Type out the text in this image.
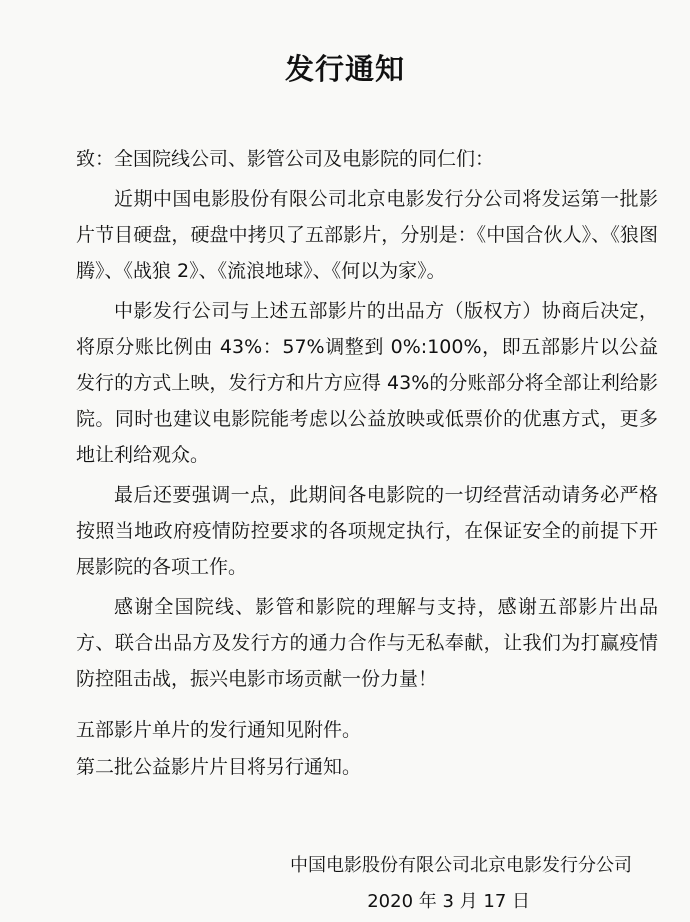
发行通知
致：全国院线公司、影管公司及电影院的同仁们：
近期中国电影股份有限公司北京电影发行分公司将发运第一批影片节目硬盘，硬盘中拷贝了五部影片，分别是：《中国合伙人》、《狼图腾》、《战狼 2》、《流浪地球》、《何以为家》。
中影发行公司与上述五部影片的出品方（版权方）协商后决定，将原分账比例由 43%：57%调整到 0%:100%，即五部影片以公益发行的方式上映，发行方和片方应得 43%的分账部分将全部让利给影院。同时也建议电影院能考虑以公益放映或低票价的优惠方式，更多地让利给观众。
最后还要强调一点，此期间各电影院的一切经营活动请务必严格按照当地政府疫情防控要求的各项规定执行，在保证安全的前提下开展影院的各项工作。
感谢全国院线、影管和影院的理解与支持，感谢五部影片出品方、联合出品方及发行方的通力合作与无私奉献，让我们为打赢疫情防控阻击战，振兴电影市场贡献一份力量！
五部影片单片的发行通知见附件。
第二批公益影片片目将另行通知。
中国电影股份有限公司北京电影发行分公司
2020 年 3 月 17 日
